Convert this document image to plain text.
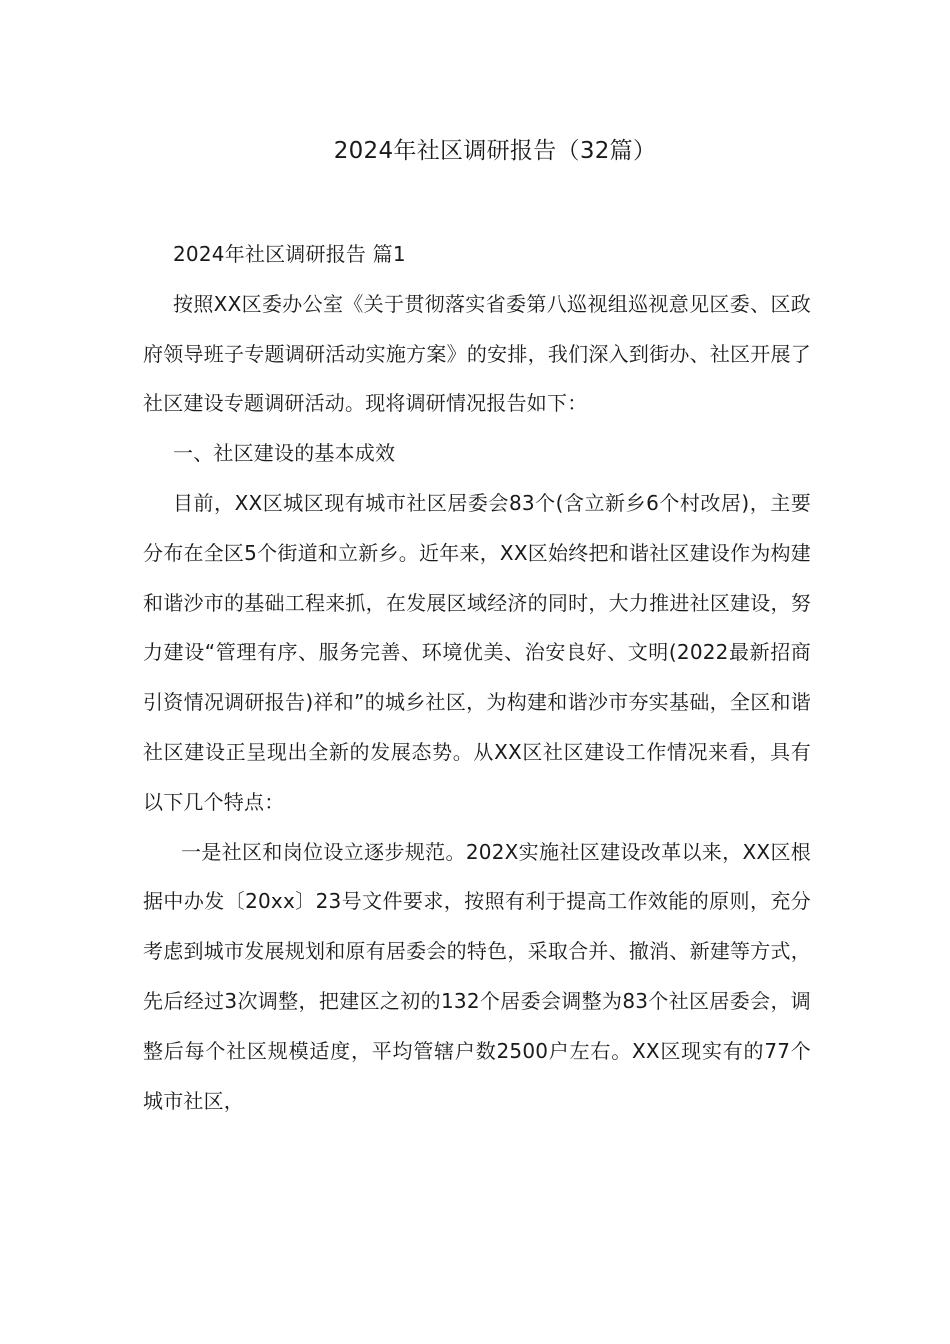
2024年社区调研报告（32篇）

2024年社区调研报告 篇1

按照XX区委办公室《关于贯彻落实省委第八巡视组巡视意见区委、区政府领导班子专题调研活动实施方案》的安排，我们深入到街办、社区开展了社区建设专题调研活动。现将调研情况报告如下：

一、社区建设的基本成效

目前，XX区城区现有城市社区居委会83个(含立新乡6个村改居)，主要分布在全区5个街道和立新乡。近年来，XX区始终把和谐社区建设作为构建和谐沙市的基础工程来抓，在发展区域经济的同时，大力推进社区建设，努力建设“管理有序、服务完善、环境优美、治安良好、文明(2022最新招商引资情况调研报告)祥和”的城乡社区，为构建和谐沙市夯实基础，全区和谐社区建设正呈现出全新的发展态势。从XX区社区建设工作情况来看，具有以下几个特点：

一是社区和岗位设立逐步规范。202X实施社区建设改革以来，XX区根据中办发〔20xx〕23号文件要求，按照有利于提高工作效能的原则，充分考虑到城市发展规划和原有居委会的特色，采取合并、撤消、新建等方式，先后经过3次调整，把建区之初的132个居委会调整为83个社区居委会，调整后每个社区规模适度，平均管辖户数2500户左右。XX区现实有的77个城市社区，
